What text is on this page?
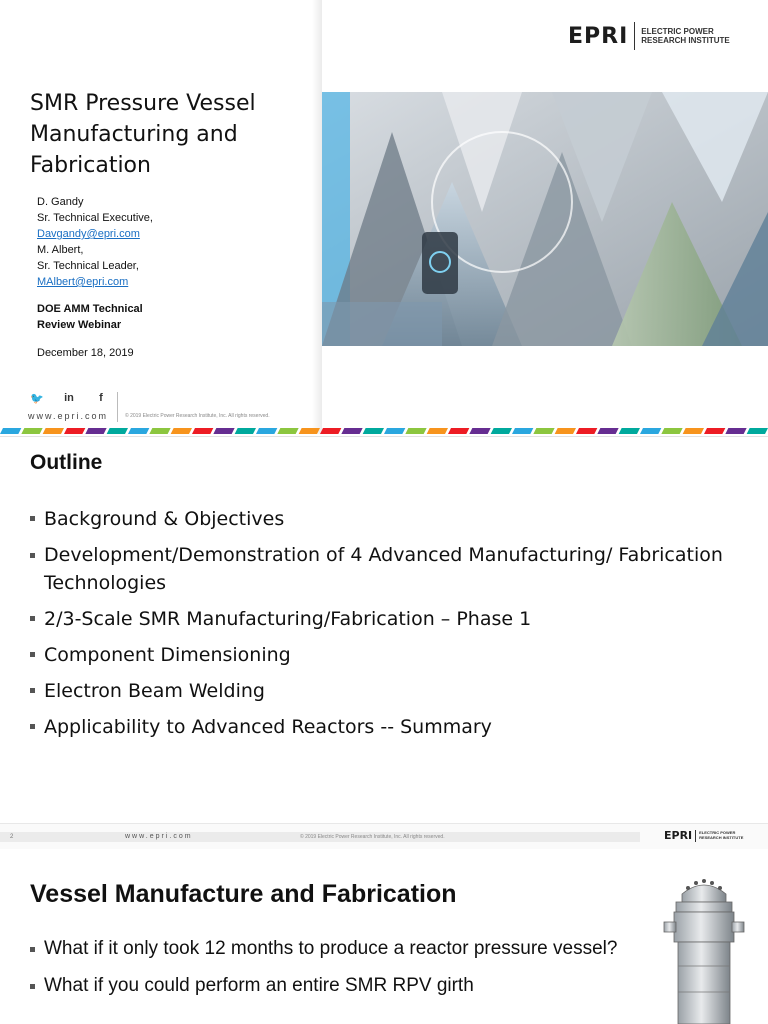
SMR Pressure Vessel Manufacturing and Fabrication
D. Gandy
Sr. Technical Executive,
Davgandy@epri.com
M. Albert,
Sr. Technical Leader,
MAlbert@epri.com
DOE AMM Technical
Review Webinar
December 18, 2019
🐦 in	f
www.epri.com	© 2019 Electric Power Research Institute, Inc. All rights reserved.
EPRI ELECTRIC POWER
RESEARCH INSTITUTE
Outline
Background & Objectives
Development/Demonstration of 4 Advanced Manufacturing/ Fabrication Technologies
2/3-Scale SMR Manufacturing/Fabrication – Phase 1
Component Dimensioning
Electron Beam Welding
Applicability to Advanced Reactors -- Summary
2	www.epri.com	© 2019 Electric Power Research Institute, Inc. All rights reserved.	EPRI ELECTRIC POWER
RESEARCH INSTITUTE
Vessel Manufacture and Fabrication
What if it only took 12 months to produce a reactor pressure vessel?
What if you could perform an entire SMR RPV girth
